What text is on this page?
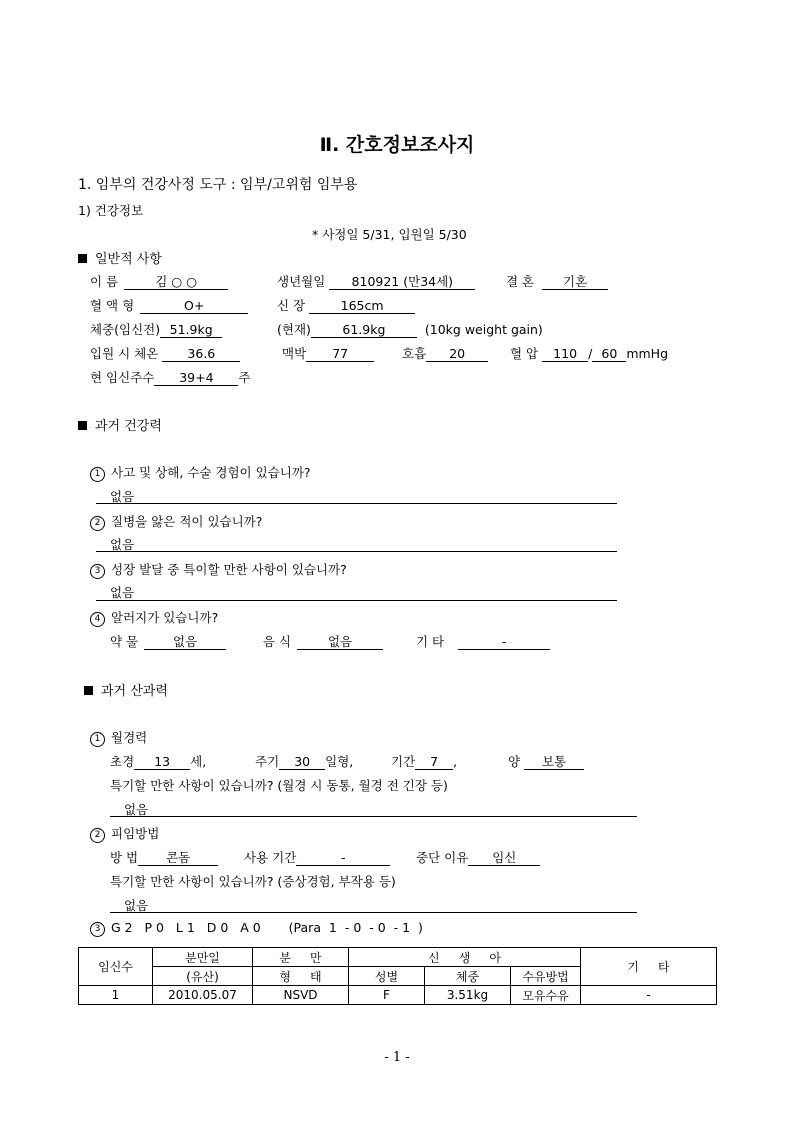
Ⅱ. 간호정보조사지
1. 임부의 건강사정 도구 : 임부/고위험 임부용
1) 건강정보
* 사정일 5/31, 입원일 5/30
일반적 사항
이 름	김 ○ ○	생년월일 810921 (만34세)	결 혼 기혼
혈 액 형	O+	신 장	165cm
체중(임신전) 51.9kg	(현재)	61.9kg	(10kg weight gain)
입원 시 체온 36.6	맥박 77	호흡 20	혈 압 110 / 60 mmHg
현 임신주수 39+4 주
과거 건강력
1 사고 및 상해, 수술 경험이 있습니까?
없음
2 질병을 앓은 적이 있습니까?
없음
3 성장 발달 중 특이할 만한 사항이 있습니까?
없음
4 알러지가 있습니까?
약 물	없음	음 식	없음	기 타	-
과거 산과력
1 월경력
초경 13 세,	주기 30 일형,	기간 7 ,	양 보통
특기할 만한 사항이 있습니까? (월경 시 동통, 월경 전 긴장 등)
없음
2 피임방법
방 법 콘돔	사용 기간	-	중단 이유 임신
특기할 만한 사항이 있습니까? (증상경험, 부작용 등)
없음
3 G 2   P 0   L 1   D 0   A 0 (Para  1  - 0  - 0  - 1  )
임신수	분만일	분     만	신     생     아			기     타
	(유산)	형     태	성별	체중	수유방법	
1	2010.05.07	NSVD	F	3.51kg	모유수유	-
- 1 -
